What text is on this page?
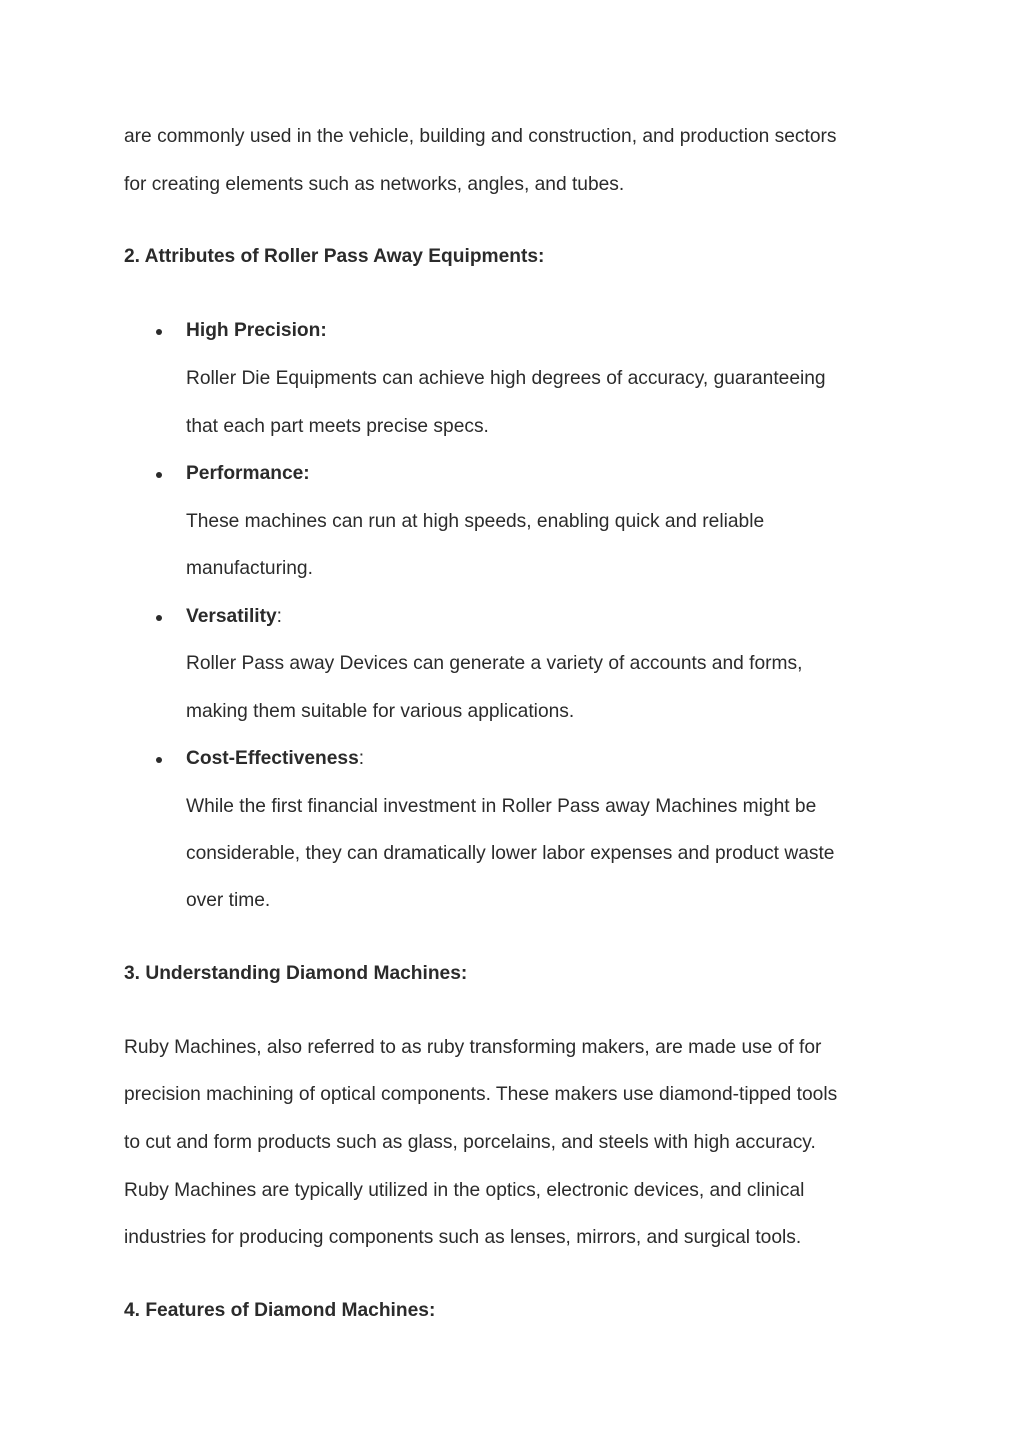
are commonly used in the vehicle, building and construction, and production sectors

for creating elements such as networks, angles, and tubes.

2. Attributes of Roller Pass Away Equipments:

High Precision:

Roller Die Equipments can achieve high degrees of accuracy, guaranteeing

that each part meets precise specs.

Performance:

These machines can run at high speeds, enabling quick and reliable

manufacturing.

Versatility:

Roller Pass away Devices can generate a variety of accounts and forms,

making them suitable for various applications.

Cost-Effectiveness:

While the first financial investment in Roller Pass away Machines might be

considerable, they can dramatically lower labor expenses and product waste

over time.

3. Understanding Diamond Machines:

Ruby Machines, also referred to as ruby transforming makers, are made use of for

precision machining of optical components. These makers use diamond-tipped tools

to cut and form products such as glass, porcelains, and steels with high accuracy.

Ruby Machines are typically utilized in the optics, electronic devices, and clinical

industries for producing components such as lenses, mirrors, and surgical tools.

4. Features of Diamond Machines:
